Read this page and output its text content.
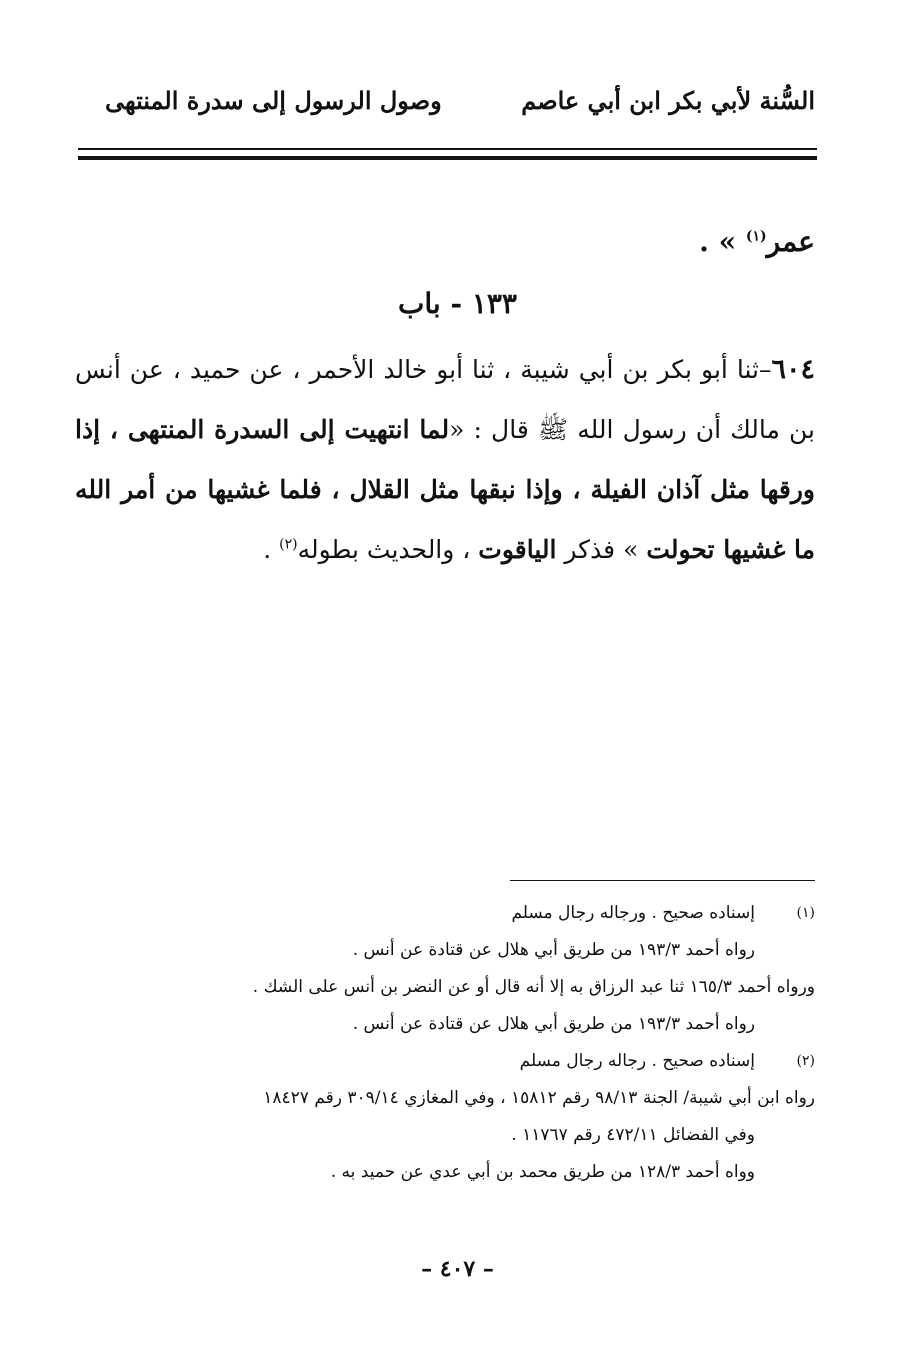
السُّنة لأبي بكر ابن أبي عاصم
وصول الرسول إلى سدرة المنتهى
عمر$^{(١)}$ » .
١٣٣ - باب
٦٠٤–ثنا أبو بكر بن أبي شيبة ، ثنا أبو خالد الأحمر ، عن حميد ، عن أنس بن مالك أن رسول الله ﷺ قال : «لما انتهيت إلى السدرة المنتهى ، إذا ورقها مثل آذان الفيلة ، وإذا نبقها مثل القلال ، فلما غشيها من أمر الله ما غشيها تحولت » فذكر الياقوت ، والحديث بطوله$^{(٢)}$ .
(١)
إسناده صحيح . ورجاله رجال مسلم
رواه أحمد ١٩٣/٣ من طريق أبي هلال عن قتادة عن أنس .
ورواه أحمد ١٦٥/٣ ثنا عبد الرزاق به إلا أنه قال أو عن النضر بن أنس على الشك .
رواه أحمد ١٩٣/٣ من طريق أبي هلال عن قتادة عن أنس .
(٢)
إسناده صحيح . رجاله رجال مسلم
رواه ابن أبي شيبة/ الجنة ٩٨/١٣ رقم ١٥٨١٢ ، وفي المغازي ٣٠٩/١٤ رقم ١٨٤٢٧
وفي الفضائل ٤٧٢/١١ رقم ١١٧٦٧ .
وواه أحمد ١٢٨/٣ من طريق محمد بن أبي عدي عن حميد به .
– ٤٠٧ –
